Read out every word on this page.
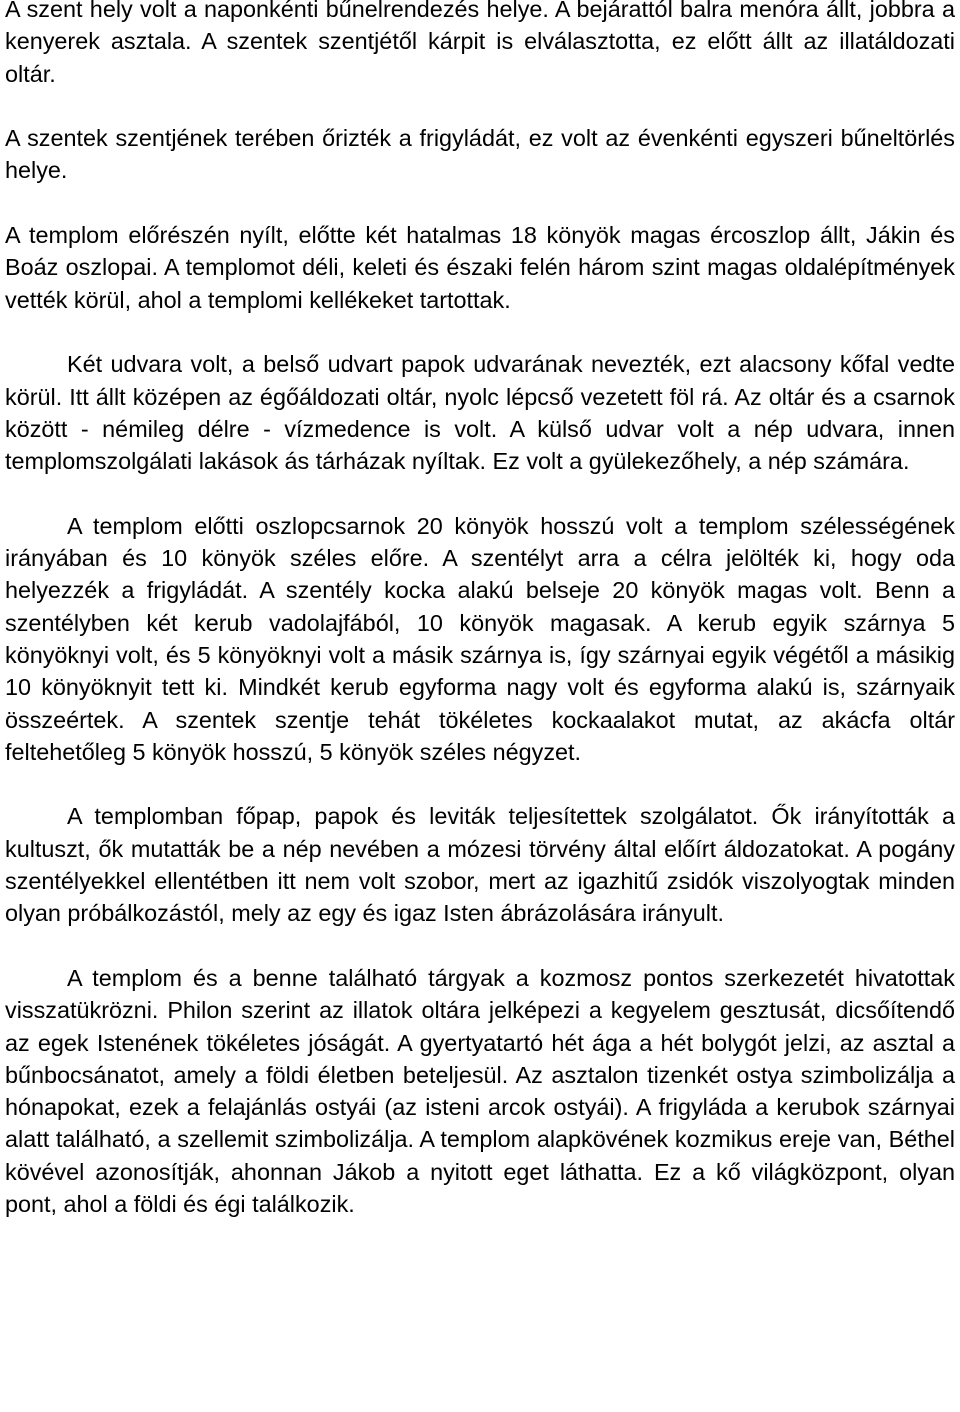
A szent hely volt a naponkénti bűnelrendezés helye. A bejárattól balra menóra állt, jobbra a kenyerek asztala. A szentek szentjétől kárpit is elválasztotta, ez előtt állt az illatáldozati oltár.

A szentek szentjének terében őrizték a frigyládát, ez volt az évenkénti egyszeri bűneltörlés helye.

A templom előrészén nyílt, előtte két hatalmas 18 könyök magas ércoszlop állt, Jákin és Boáz oszlopai. A templomot déli, keleti és északi felén három szint magas oldalépítmények vették körül, ahol a templomi kellékeket tartottak.

Két udvara volt, a belső udvart papok udvarának nevezték, ezt alacsony kőfal vedte körül. Itt állt középen az égőáldozati oltár, nyolc lépcső vezetett föl rá. Az oltár és a csarnok között - némileg délre - vízmedence is volt. A külső udvar volt a nép udvara, innen templomszolgálati lakások ás tárházak nyíltak. Ez volt a gyülekezőhely, a nép számára.

A templom előtti oszlopcsarnok 20 könyök hosszú volt a templom szélességének irányában és 10 könyök széles előre. A szentélyt arra a célra jelölték ki, hogy oda helyezzék a frigyládát. A szentély kocka alakú belseje 20 könyök magas volt. Benn a szentélyben két kerub vadolajfából, 10 könyök magasak. A kerub egyik szárnya 5 könyöknyi volt, és 5 könyöknyi volt a másik szárnya is, így szárnyai egyik végétől a másikig 10 könyöknyit tett ki. Mindkét kerub egyforma nagy volt és egyforma alakú is, szárnyaik összeértek. A szentek szentje tehát tökéletes kockaalakot mutat, az akácfa oltár feltehetőleg 5 könyök hosszú, 5 könyök széles négyzet.

A templomban főpap, papok és leviták teljesítettek szolgálatot. Ők irányították a kultuszt, ők mutatták be a nép nevében a mózesi törvény által előírt áldozatokat. A pogány szentélyekkel ellentétben itt nem volt szobor, mert az igazhitű zsidók viszolyogtak minden olyan próbálkozástól, mely az egy és igaz Isten ábrázolására irányult.

A templom és a benne található tárgyak a kozmosz pontos szerkezetét hivatottak visszatükrözni. Philon szerint az illatok oltára jelképezi a kegyelem gesztusát, dicsőítendő az egek Istenének tökéletes jóságát. A gyertyatartó hét ága a hét bolygót jelzi, az asztal a bűnbocsánatot, amely a földi életben beteljesül. Az asztalon tizenkét ostya szimbolizálja a hónapokat, ezek a felajánlás ostyái (az isteni arcok ostyái). A frigyláda a kerubok szárnyai alatt található, a szellemit szimbolizálja. A templom alapkövének kozmikus ereje van, Béthel kövével azonosítják, ahonnan Jákob a nyitott eget láthatta. Ez a kő világközpont, olyan pont, ahol a földi és égi találkozik.
